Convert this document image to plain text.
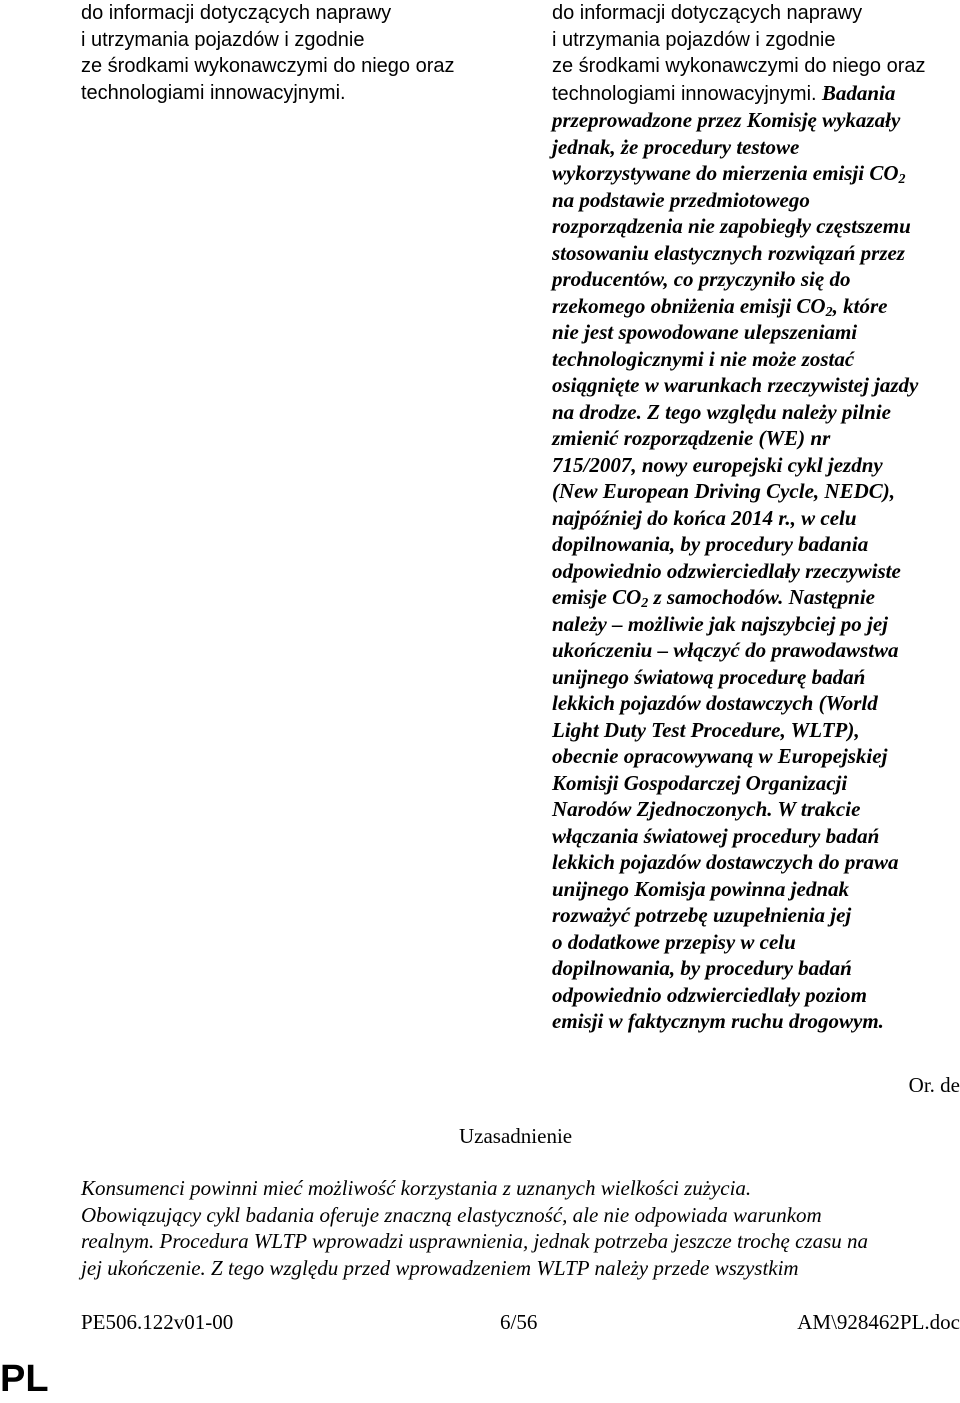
do informacji dotyczących naprawy
i utrzymania pojazdów i zgodnie
ze środkami wykonawczymi do niego oraz
technologiami innowacyjnymi.
do informacji dotyczących naprawy
i utrzymania pojazdów i zgodnie
ze środkami wykonawczymi do niego oraz
technologiami innowacyjnymi. Badania
przeprowadzone przez Komisję wykazały
jednak, że procedury testowe
wykorzystywane do mierzenia emisji $CO_2$
na podstawie przedmiotowego
rozporządzenia nie zapobiegły częstszemu
stosowaniu elastycznych rozwiązań przez
producentów, co przyczyniło się do
rzekomego obniżenia emisji $CO_2$, które
nie jest spowodowane ulepszeniami
technologicznymi i nie może zostać
osiągnięte w warunkach rzeczywistej jazdy
na drodze. Z tego względu należy pilnie
zmienić rozporządzenie (WE) nr
715/2007, nowy europejski cykl jezdny
(New European Driving Cycle, NEDC),
najpóźniej do końca 2014 r., w celu
dopilnowania, by procedury badania
odpowiednio odzwierciedlały rzeczywiste
emisje $CO_2$ z samochodów. Następnie
należy – możliwie jak najszybciej po jej
ukończeniu – włączyć do prawodawstwa
unijnego światową procedurę badań
lekkich pojazdów dostawczych (World
Light Duty Test Procedure, WLTP),
obecnie opracowywaną w Europejskiej
Komisji Gospodarczej Organizacji
Narodów Zjednoczonych. W trakcie
włączania światowej procedury badań
lekkich pojazdów dostawczych do prawa
unijnego Komisja powinna jednak
rozważyć potrzebę uzupełnienia jej
o dodatkowe przepisy w celu
dopilnowania, by procedury badań
odpowiednio odzwierciedlały poziom
emisji w faktycznym ruchu drogowym.
Or. de
Uzasadnienie
Konsumenci powinni mieć możliwość korzystania z uznanych wielkości zużycia.
Obowiązujący cykl badania oferuje znaczną elastyczność, ale nie odpowiada warunkom
realnym. Procedura WLTP wprowadzi usprawnienia, jednak potrzeba jeszcze trochę czasu na
jej ukończenie. Z tego względu przed wprowadzeniem WLTP należy przede wszystkim
PE506.122v01-00	6/56	AM\928462PL.doc
PL
